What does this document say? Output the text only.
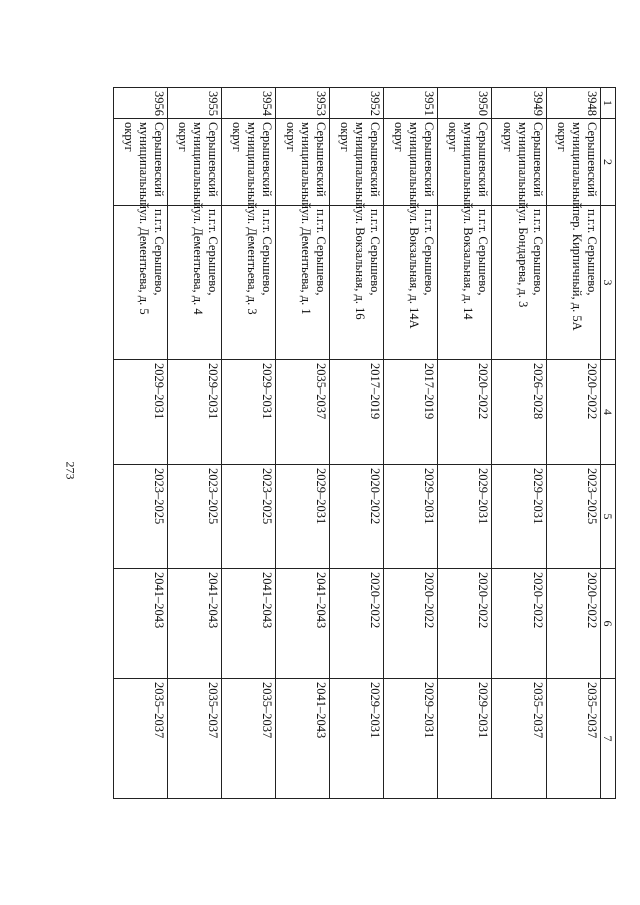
273
1	2	3	4	5	6	7
3948	Серышевский муниципальный округ	п.г.т. Серышево,
пер. Кирпичный, д. 5А	2020–2022	2023–2025	2020–2022	2035–2037
3949	Серышевский муниципальный округ	п.г.т. Серышево,
ул. Бондарева, д. 3	2026–2028	2029–2031	2020–2022	2035–2037
3950	Серышевский муниципальный округ	п.г.т. Серышево,
ул. Вокзальная, д. 14	2020–2022	2029–2031	2020–2022	2029–2031
3951	Серышевский муниципальный округ	п.г.т. Серышево,
ул. Вокзальная, д. 14А	2017–2019	2029–2031	2020–2022	2029–2031
3952	Серышевский муниципальный округ	п.г.т. Серышево,
ул. Вокзальная, д. 16	2017–2019	2020–2022	2020–2022	2029–2031
3953	Серышевский муниципальный округ	п.г.т. Серышево,
ул. Дементьева, д. 1	2035–2037	2029–2031	2041–2043	2041–2043
3954	Серышевский муниципальный округ	п.г.т. Серышево,
ул. Дементьева, д. 3	2029–2031	2023–2025	2041–2043	2035–2037
3955	Серышевский муниципальный округ	п.г.т. Серышево,
ул. Дементьева, д. 4	2029–2031	2023–2025	2041–2043	2035–2037
3956	Серышевский муниципальный округ	п.г.т. Серышево,
ул. Дементьева, д. 5	2029–2031	2023–2025	2041–2043	2035–2037
